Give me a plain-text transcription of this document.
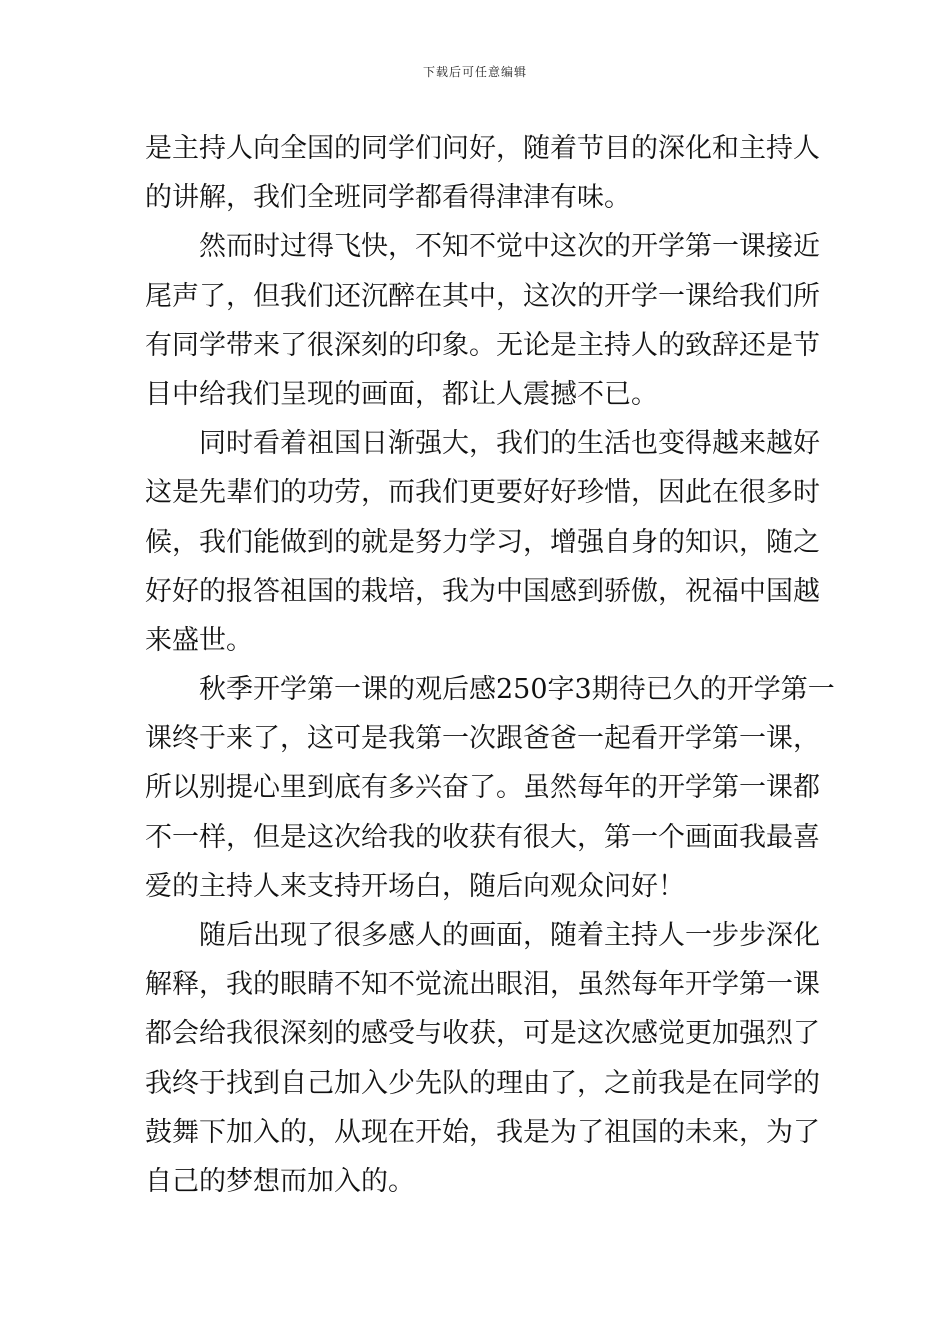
下载后可任意编辑
是主持人向全国的同学们问好，随着节目的深化和主持人
的讲解，我们全班同学都看得津津有味。
然而时过得飞快，不知不觉中这次的开学第一课接近
尾声了，但我们还沉醉在其中，这次的开学一课给我们所
有同学带来了很深刻的印象。无论是主持人的致辞还是节
目中给我们呈现的画面，都让人震撼不已。
同时看着祖国日渐强大，我们的生活也变得越来越好
这是先辈们的功劳，而我们更要好好珍惜，因此在很多时
候，我们能做到的就是努力学习，增强自身的知识，随之
好好的报答祖国的栽培，我为中国感到骄傲，祝福中国越
来盛世。
秋季开学第一课的观后感250字3期待已久的开学第一
课终于来了，这可是我第一次跟爸爸一起看开学第一课，
所以别提心里到底有多兴奋了。虽然每年的开学第一课都
不一样，但是这次给我的收获有很大，第一个画面我最喜
爱的主持人来支持开场白，随后向观众问好！
随后出现了很多感人的画面，随着主持人一步步深化
解释，我的眼睛不知不觉流出眼泪，虽然每年开学第一课
都会给我很深刻的感受与收获，可是这次感觉更加强烈了
我终于找到自己加入少先队的理由了，之前我是在同学的
鼓舞下加入的，从现在开始，我是为了祖国的未来，为了
自己的梦想而加入的。
